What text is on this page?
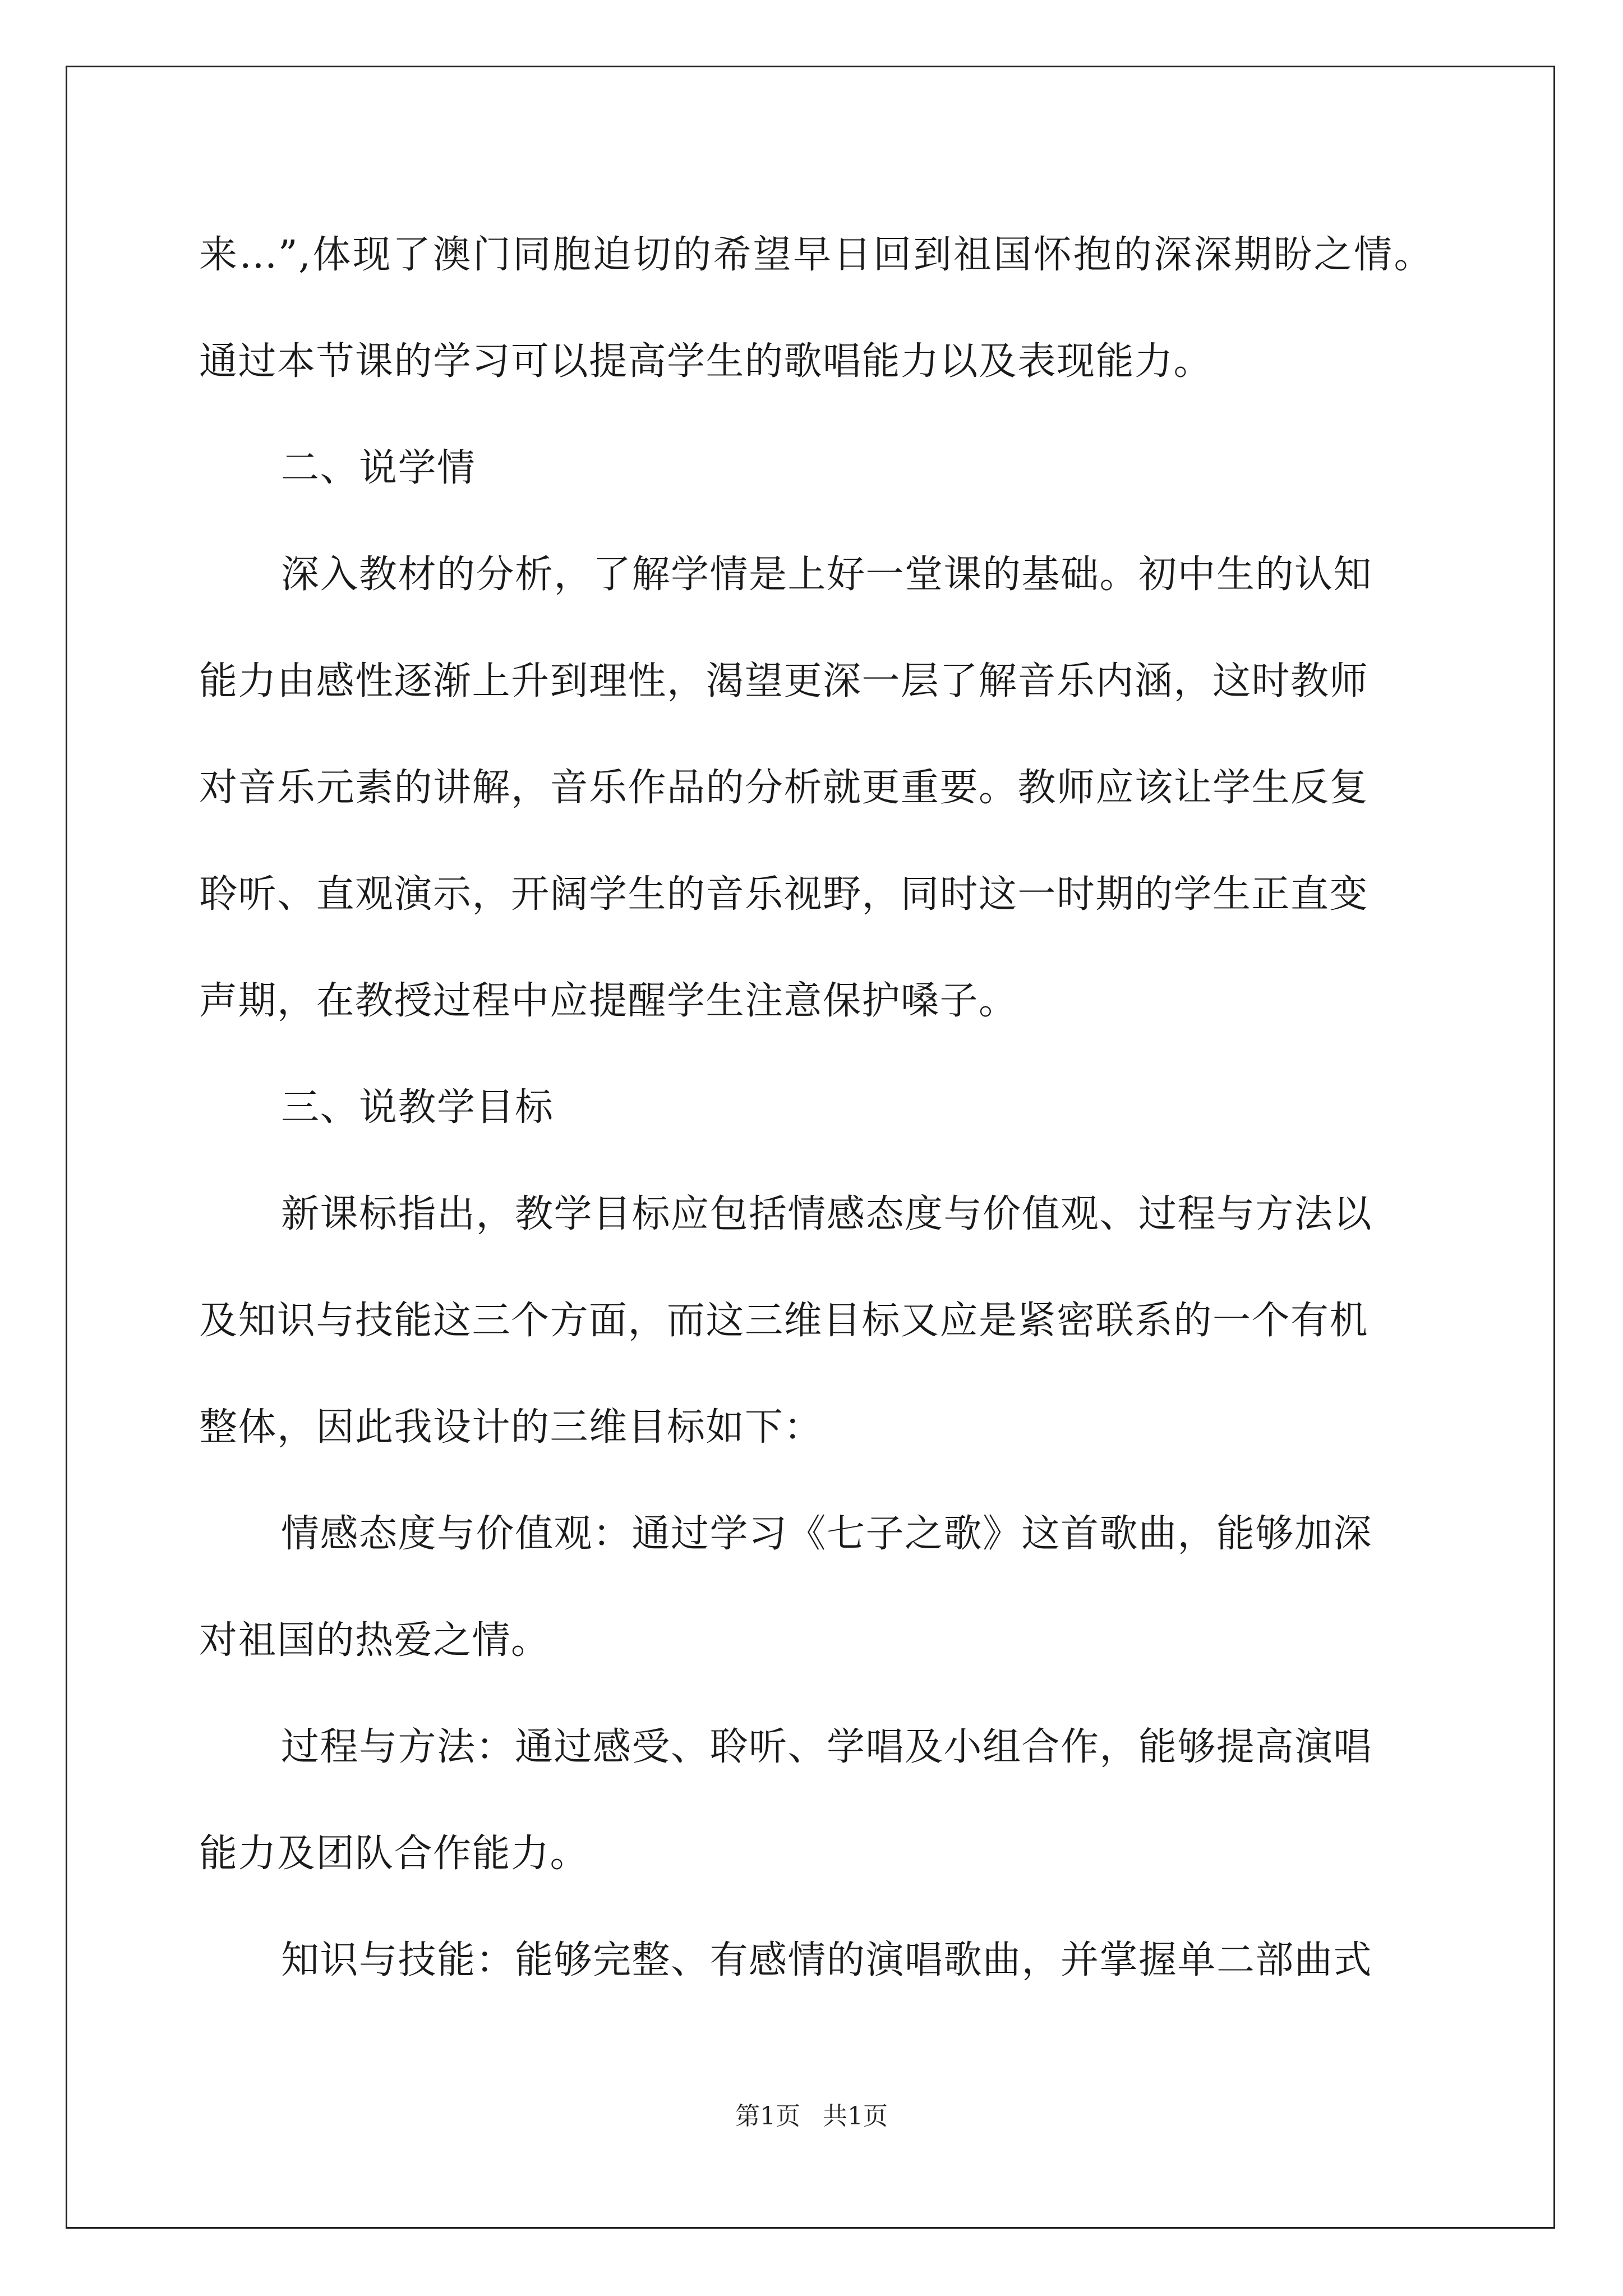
来…”,体现了澳门同胞迫切的希望早日回到祖国怀抱的深深期盼之情。
通过本节课的学习可以提高学生的歌唱能力以及表现能力。
二、说学情
深入教材的分析，了解学情是上好一堂课的基础。初中生的认知
能力由感性逐渐上升到理性，渴望更深一层了解音乐内涵，这时教师
对音乐元素的讲解，音乐作品的分析就更重要。教师应该让学生反复
聆听、直观演示，开阔学生的音乐视野，同时这一时期的学生正直变
声期，在教授过程中应提醒学生注意保护嗓子。
三、说教学目标
新课标指出，教学目标应包括情感态度与价值观、过程与方法以
及知识与技能这三个方面，而这三维目标又应是紧密联系的一个有机
整体，因此我设计的三维目标如下：
情感态度与价值观：通过学习《七子之歌》这首歌曲，能够加深
对祖国的热爱之情。
过程与方法：通过感受、聆听、学唱及小组合作，能够提高演唱
能力及团队合作能力。
知识与技能：能够完整、有感情的演唱歌曲，并掌握单二部曲式
第1页 共1页
